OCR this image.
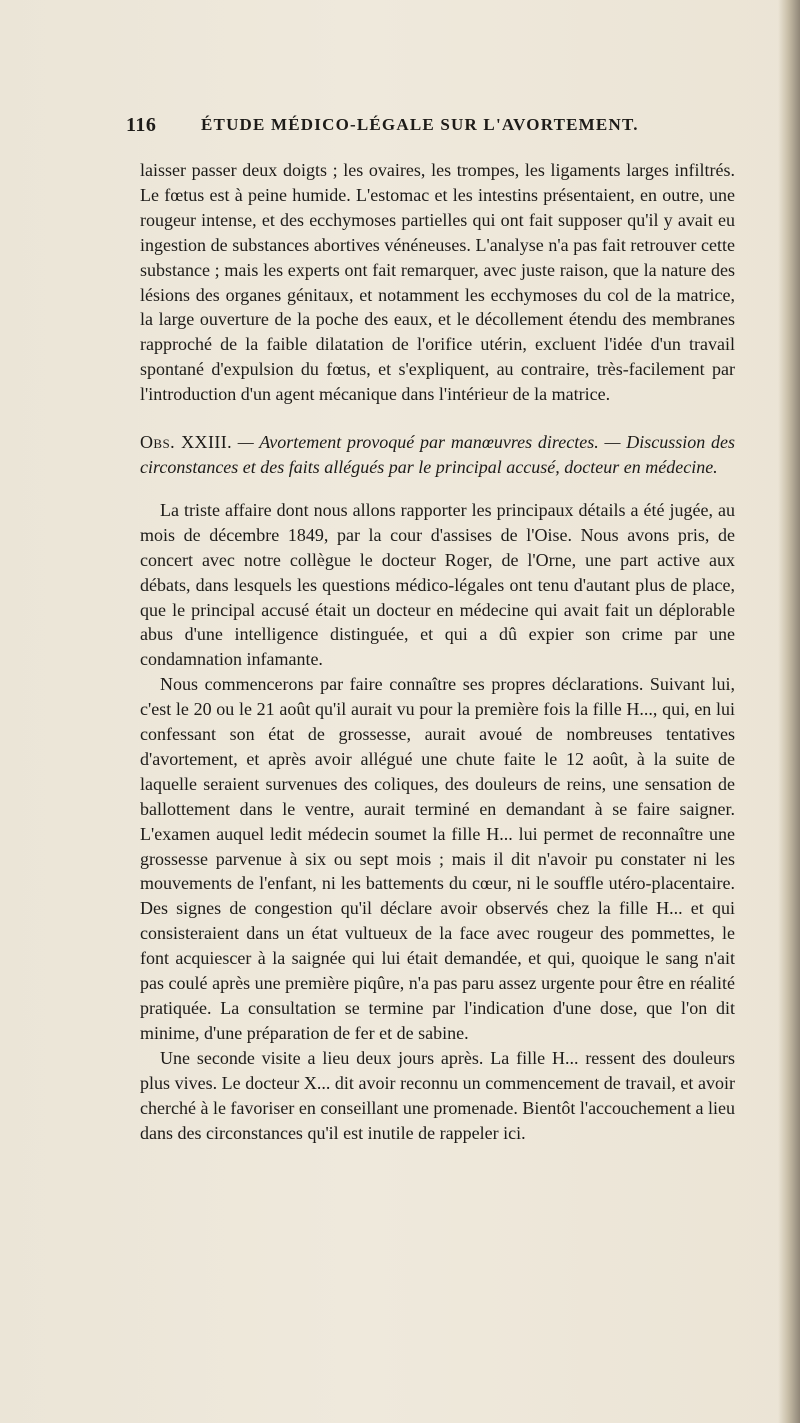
116	ÉTUDE MÉDICO-LÉGALE SUR L'AVORTEMENT.

laisser passer deux doigts ; les ovaires, les trompes, les ligaments larges infiltrés. Le fœtus est à peine humide. L'estomac et les intestins présentaient, en outre, une rougeur intense, et des ecchymoses partielles qui ont fait supposer qu'il y avait eu ingestion de substances abortives vénéneuses. L'analyse n'a pas fait retrouver cette substance ; mais les experts ont fait remarquer, avec juste raison, que la nature des lésions des organes génitaux, et notamment les ecchymoses du col de la matrice, la large ouverture de la poche des eaux, et le décollement étendu des membranes rapproché de la faible dilatation de l'orifice utérin, excluent l'idée d'un travail spontané d'expulsion du fœtus, et s'expliquent, au contraire, très-facilement par l'introduction d'un agent mécanique dans l'intérieur de la matrice.

Obs. XXIII. — Avortement provoqué par manœuvres directes. — Discussion des circonstances et des faits allégués par le principal accusé, docteur en médecine.

La triste affaire dont nous allons rapporter les principaux détails a été jugée, au mois de décembre 1849, par la cour d'assises de l'Oise. Nous avons pris, de concert avec notre collègue le docteur Roger, de l'Orne, une part active aux débats, dans lesquels les questions médico-légales ont tenu d'autant plus de place, que le principal accusé était un docteur en médecine qui avait fait un déplorable abus d'une intelligence distinguée, et qui a dû expier son crime par une condamnation infamante.

Nous commencerons par faire connaître ses propres déclarations. Suivant lui, c'est le 20 ou le 21 août qu'il aurait vu pour la première fois la fille H..., qui, en lui confessant son état de grossesse, aurait avoué de nombreuses tentatives d'avortement, et après avoir allégué une chute faite le 12 août, à la suite de laquelle seraient survenues des coliques, des douleurs de reins, une sensation de ballottement dans le ventre, aurait terminé en demandant à se faire saigner. L'examen auquel ledit médecin soumet la fille H... lui permet de reconnaître une grossesse parvenue à six ou sept mois ; mais il dit n'avoir pu constater ni les mouvements de l'enfant, ni les battements du cœur, ni le souffle utéro-placentaire. Des signes de congestion qu'il déclare avoir observés chez la fille H... et qui consisteraient dans un état vultueux de la face avec rougeur des pommettes, le font acquiescer à la saignée qui lui était demandée, et qui, quoique le sang n'ait pas coulé après une première piqûre, n'a pas paru assez urgente pour être en réalité pratiquée. La consultation se termine par l'indication d'une dose, que l'on dit minime, d'une préparation de fer et de sabine.

Une seconde visite a lieu deux jours après. La fille H... ressent des douleurs plus vives. Le docteur X... dit avoir reconnu un commencement de travail, et avoir cherché à le favoriser en conseillant une promenade. Bientôt l'accouchement a lieu dans des circonstances qu'il est inutile de rappeler ici.
